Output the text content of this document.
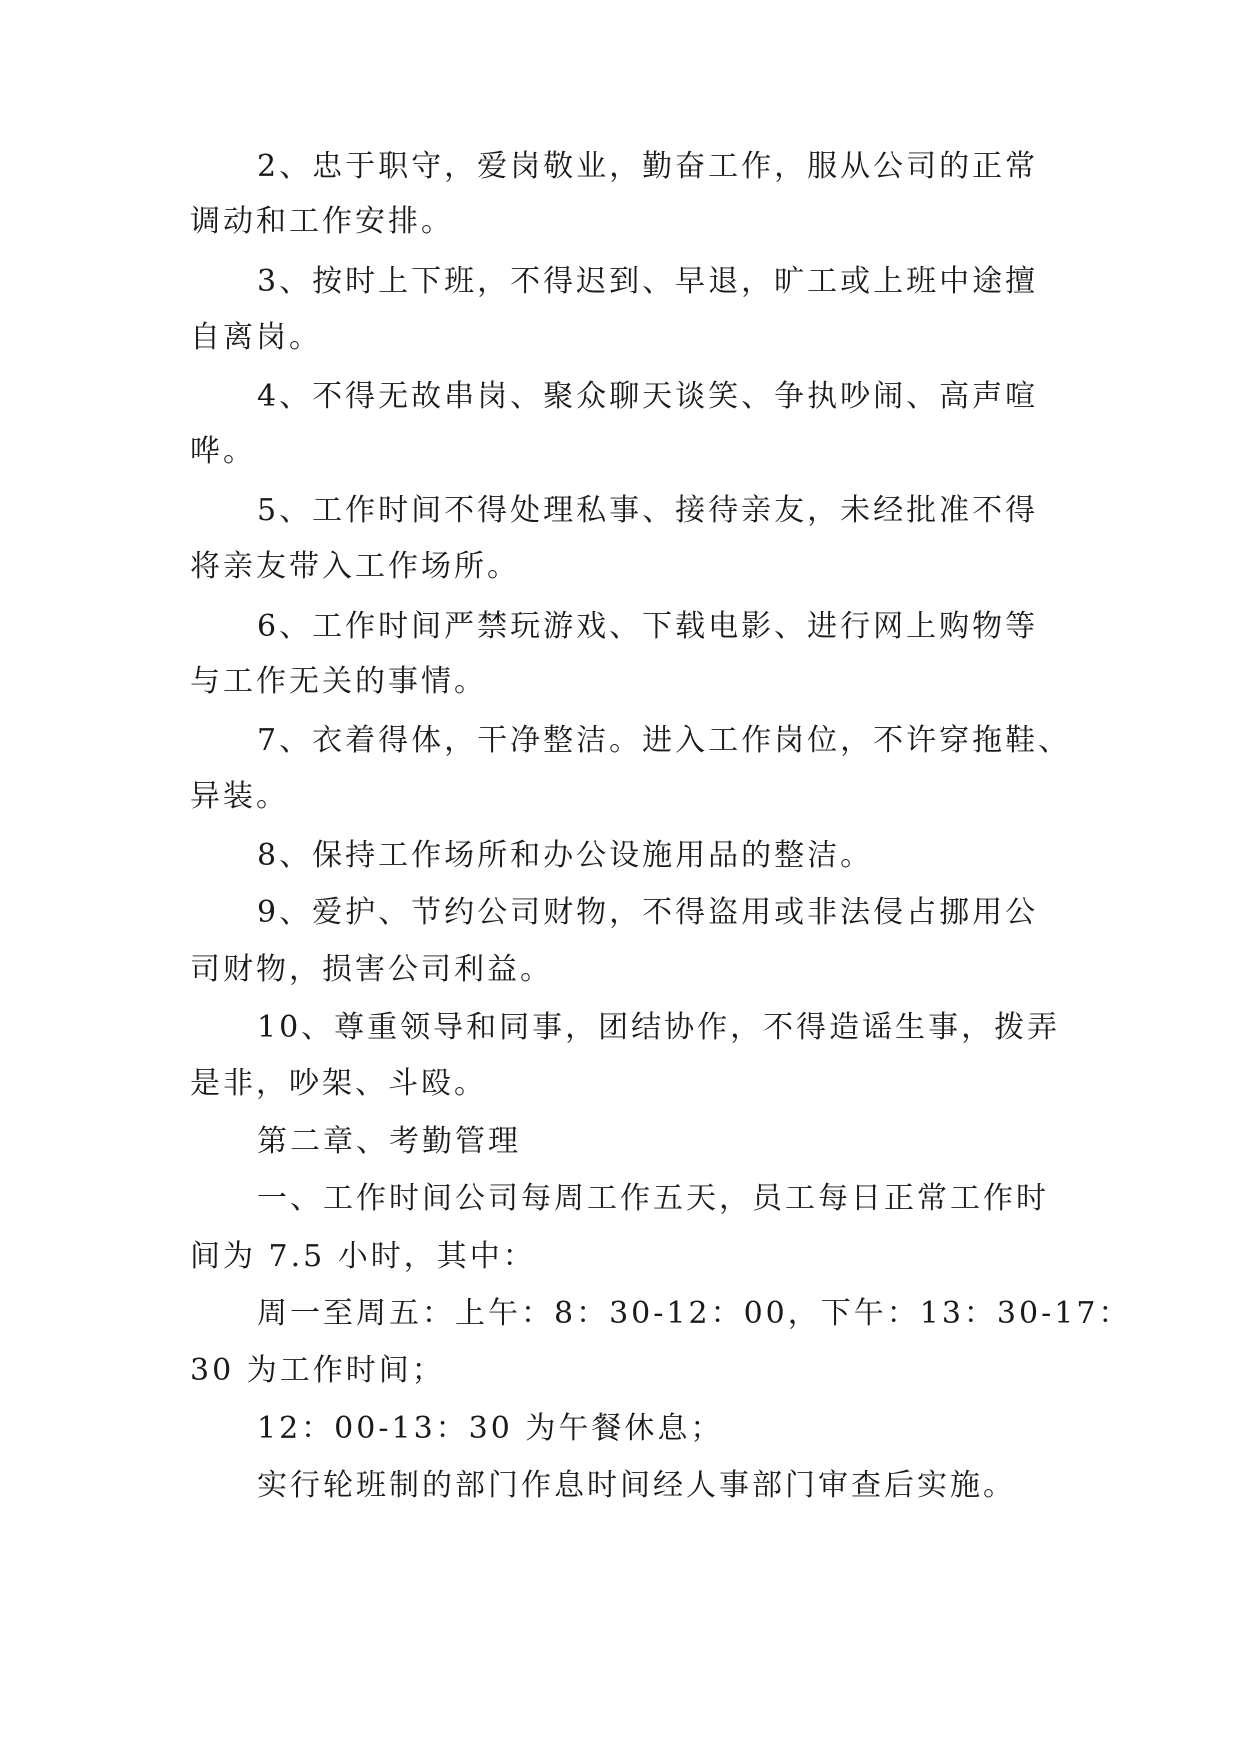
2、忠于职守，爱岗敬业，勤奋工作，服从公司的正常
调动和工作安排。
3、按时上下班，不得迟到、早退，旷工或上班中途擅
自离岗。
4、不得无故串岗、聚众聊天谈笑、争执吵闹、高声喧
哗。
5、工作时间不得处理私事、接待亲友，未经批准不得
将亲友带入工作场所。
6、工作时间严禁玩游戏、下载电影、进行网上购物等
与工作无关的事情。
7、衣着得体，干净整洁。进入工作岗位，不许穿拖鞋、
异装。
8、保持工作场所和办公设施用品的整洁。
9、爱护、节约公司财物，不得盗用或非法侵占挪用公
司财物，损害公司利益。
10、尊重领导和同事，团结协作，不得造谣生事，拨弄
是非，吵架、斗殴。
第二章、考勤管理
一、工作时间公司每周工作五天，员工每日正常工作时
间为 7.5 小时，其中：
周一至周五：上午：8：30-12：00，下午：13：30-17：
30 为工作时间；
12：00-13：30 为午餐休息；
实行轮班制的部门作息时间经人事部门审查后实施。
